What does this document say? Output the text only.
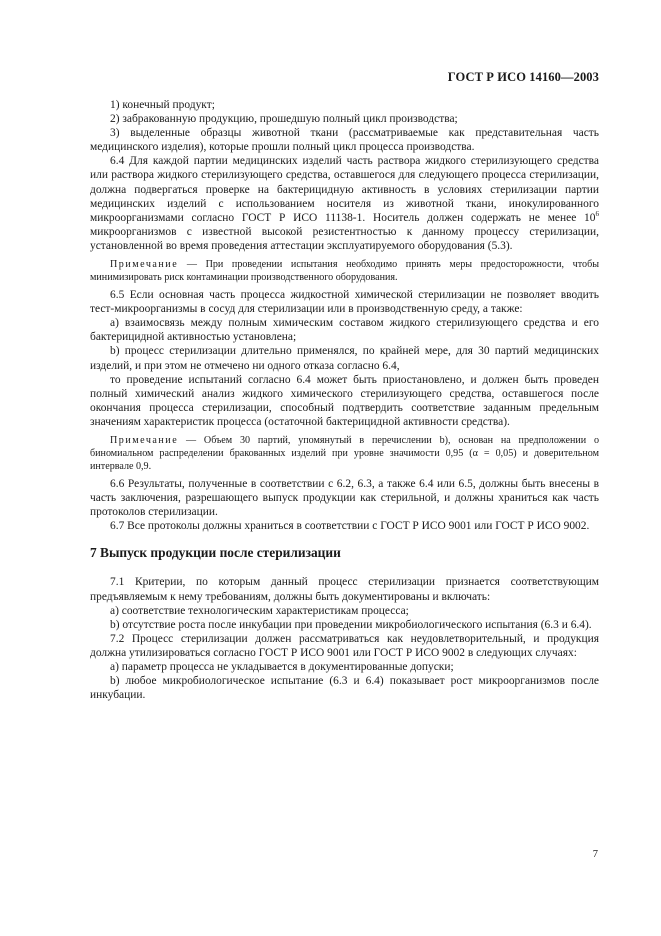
ГОСТ Р ИСО 14160—2003

1) конечный продукт;

2) забракованную продукцию, прошедшую полный цикл производства;

3) выделенные образцы животной ткани (рассматриваемые как представительная часть медицинского изделия), которые прошли полный цикл процесса производства.

6.4 Для каждой партии медицинских изделий часть раствора жидкого стерилизующего средства или раствора жидкого стерилизующего средства, оставшегося для следующего процесса стерилизации, должна подвергаться проверке на бактерицидную активность в условиях стерилизации партии медицинских изделий с использованием носителя из животной ткани, инокулированного микроорганизмами согласно ГОСТ Р ИСО 11138-1. Носитель должен содержать не менее $10^6$ микроорганизмов с известной высокой резистентностью к данному процессу стерилизации, установленной во время проведения аттестации эксплуатируемого оборудования (5.3).

Примечание — При проведении испытания необходимо принять меры предосторожности, чтобы минимизировать риск контаминации производственного оборудования.

6.5 Если основная часть процесса жидкостной химической стерилизации не позволяет вводить тест-микроорганизмы в сосуд для стерилизации или в производственную среду, а также:

a) взаимосвязь между полным химическим составом жидкого стерилизующего средства и его бактерицидной активностью установлена;

b) процесс стерилизации длительно применялся, по крайней мере, для 30 партий медицинских изделий, и при этом не отмечено ни одного отказа согласно 6.4,

то проведение испытаний согласно 6.4 может быть приостановлено, и должен быть проведен полный химический анализ жидкого химического стерилизующего средства, оставшегося после окончания процесса стерилизации, способный подтвердить соответствие заданным предельным значениям характеристик процесса (остаточной бактерицидной активности средства).

Примечание — Объем 30 партий, упомянутый в перечислении b), основан на предположении о биномиальном распределении бракованных изделий при уровне значимости 0,95 (α = 0,05) и доверительном интервале 0,9.

6.6 Результаты, полученные в соответствии с 6.2, 6.3, а также 6.4 или 6.5, должны быть внесены в часть заключения, разрешающего выпуск продукции как стерильной, и должны храниться как часть протоколов стерилизации.

6.7 Все протоколы должны храниться в соответствии с ГОСТ Р ИСО 9001 или ГОСТ Р ИСО 9002.

7 Выпуск продукции после стерилизации

7.1 Критерии, по которым данный процесс стерилизации признается соответствующим предъявляемым к нему требованиям, должны быть документированы и включать:

a) соответствие технологическим характеристикам процесса;

b) отсутствие роста после инкубации при проведении микробиологического испытания (6.3 и 6.4).

7.2 Процесс стерилизации должен рассматриваться как неудовлетворительный, и продукция должна утилизироваться согласно ГОСТ Р ИСО 9001 или ГОСТ Р ИСО 9002 в следующих случаях:

a) параметр процесса не укладывается в документированные допуски;

b) любое микробиологическое испытание (6.3 и 6.4) показывает рост микроорганизмов после инкубации.

7
